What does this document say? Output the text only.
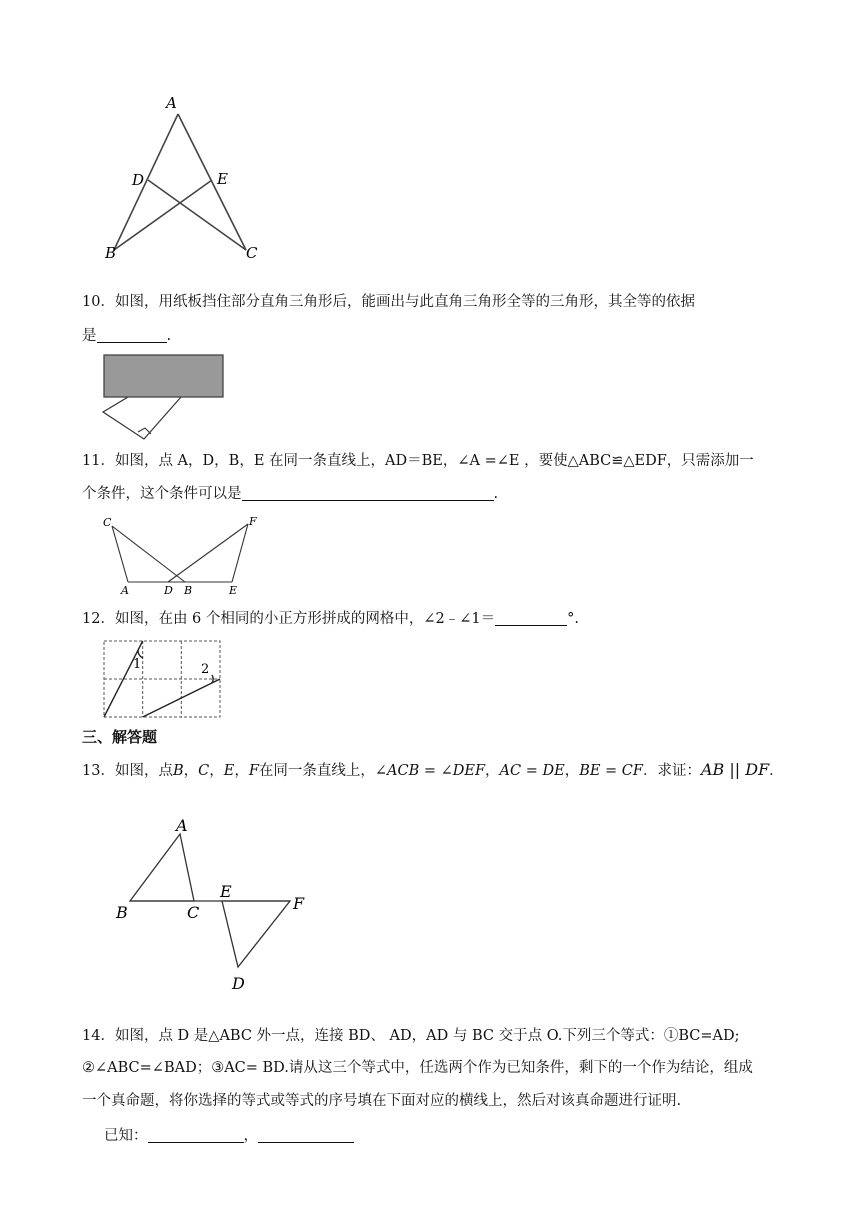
A
D	E
B	C
10．如图，用纸板挡住部分直角三角形后，能画出与此直角三角形全等的三角形，其全等的依据
是	.
11．如图，点 A，D，B，E 在同一条直线上，AD＝BE，∠A =∠E ，要使△ABC≌△EDF，只需添加一
个条件，这个条件可以是	.
C	F
A	D B	E
12．如图，在由 6 个相同的小正方形拼成的网格中，∠2﹣∠1＝	°.
1	2
三、解答题
13．如图，点B，C，E，F在同一条直线上，∠ACB = ∠DEF，AC = DE，BE = CF．求证：AB || DF．
A
B	C
E
F
D
14．如图，点 D 是△ABC 外一点，连接 BD、 AD，AD 与 BC 交于点 O.下列三个等式：①BC=AD;
②∠ABC=∠BAD；③AC= BD.请从这三个等式中，任选两个作为已知条件，剩下的一个作为结论，组成
一个真命题，将你选择的等式或等式的序号填在下面对应的横线上，然后对该真命题进行证明.
已知：	，
